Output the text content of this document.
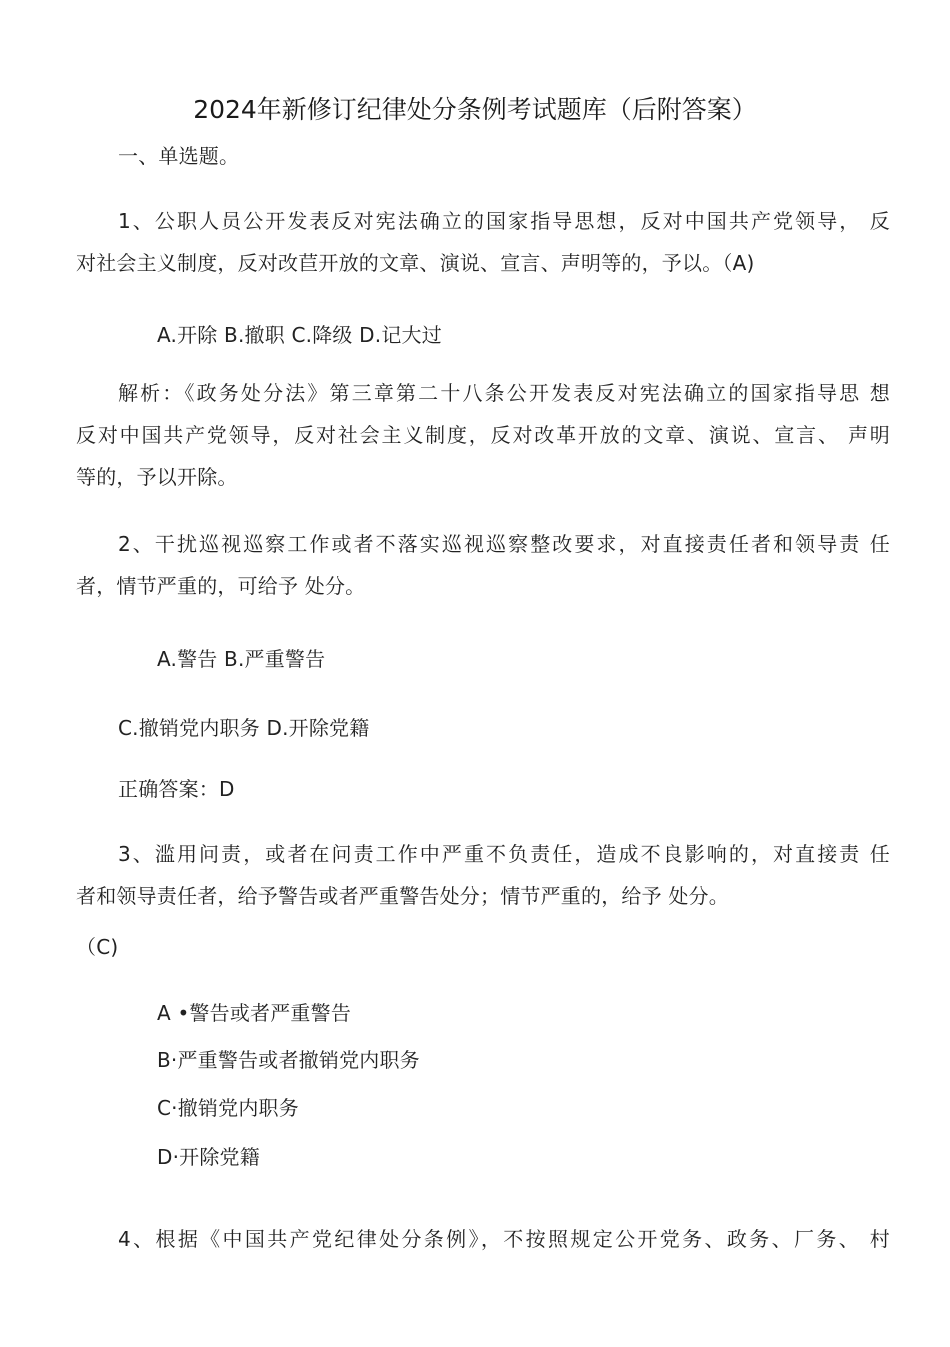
2024年新修订纪律处分条例考试题库（后附答案）
一、单选题。
1、公职人员公开发表反对宪法确立的国家指导思想，反对中国共产党领导， 反
对社会主义制度，反对改苣开放的文章、演说、宣言、声明等的，予以。（A)
A.开除 B.撤职 C.降级 D.记大过
解析：《政务处分法》第三章第二十八条公开发表反对宪法确立的国家指导思 想
反对中国共产党领导，反对社会主义制度，反对改革开放的文章、演说、宣言、 声明
等的，予以开除。
2、干扰巡视巡察工作或者不落实巡视巡察整改要求，对直接责任者和领导责 任
者，情节严重的，可给予 处分。
A.警告 B.严重警告
C.撤销党内职务 D.开除党籍
正确答案：D
3、滥用问责，或者在问责工作中严重不负责任，造成不良影响的，对直接责 任
者和领导责任者，给予警告或者严重警告处分；情节严重的，给予 处分。
（C)
A •警告或者严重警告
B·严重警告或者撤销党内职务
C·撤销党内职务
D·开除党籍
4、根据《中国共产党纪律处分条例》，不按照规定公开党务、政务、厂务、 村
